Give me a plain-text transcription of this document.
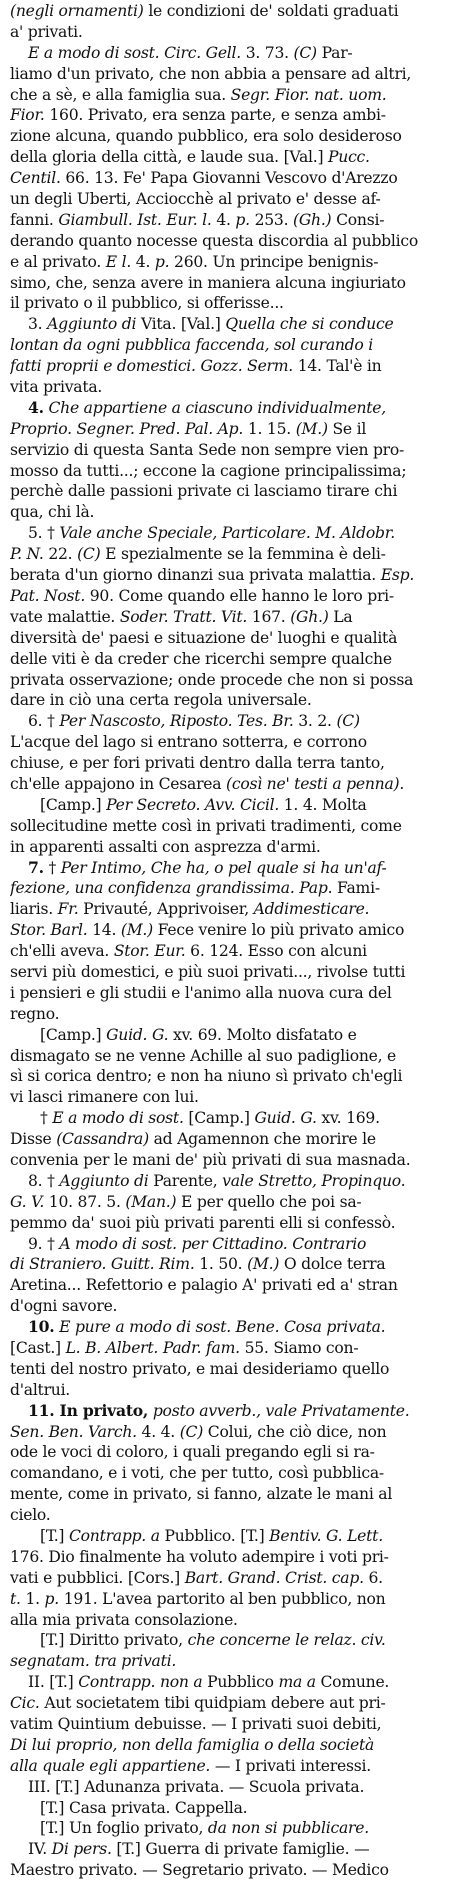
(negli ornamenti) le condizioni de' soldati graduati
a' privati.
E a modo di sost. Circ. Gell. 3. 73. (C) Par-
liamo d'un privato, che non abbia a pensare ad altri,
che a sè, e alla famiglia sua. Segr. Fior. nat. uom.
Fior. 160. Privato, era senza parte, e senza ambi-
zione alcuna, quando pubblico, era solo desideroso
della gloria della città, e laude sua. [Val.] Pucc.
Centil. 66. 13. Fe' Papa Giovanni Vescovo d'Arezzo
un degli Uberti, Acciocchè al privato e' desse af-
fanni. Giambull. Ist. Eur. l. 4. p. 253. (Gh.) Consi-
derando quanto nocesse questa discordia al pubblico
e al privato. E l. 4. p. 260. Un principe benignis-
simo, che, senza avere in maniera alcuna ingiuriato
il privato o il pubblico, si offerisse...
3. Aggiunto di Vita. [Val.] Quella che si conduce
lontan da ogni pubblica faccenda, sol curando i
fatti proprii e domestici. Gozz. Serm. 14. Tal'è in
vita privata.
4. Che appartiene a ciascuno individualmente,
Proprio. Segner. Pred. Pal. Ap. 1. 15. (M.) Se il
servizio di questa Santa Sede non sempre vien pro-
mosso da tutti...; eccone la cagione principalissima;
perchè dalle passioni private ci lasciamo tirare chi
qua, chi là.
5. † Vale anche Speciale, Particolare. M. Aldobr.
P. N. 22. (C) E spezialmente se la femmina è deli-
berata d'un giorno dinanzi sua privata malattia. Esp.
Pat. Nost. 90. Come quando elle hanno le loro pri-
vate malattie. Soder. Tratt. Vit. 167. (Gh.) La
diversità de' paesi e situazione de' luoghi e qualità
delle viti è da creder che ricerchi sempre qualche
privata osservazione; onde procede che non si possa
dare in ciò una certa regola universale.
6. † Per Nascosto, Riposto. Tes. Br. 3. 2. (C)
L'acque del lago si entrano sotterra, e corrono
chiuse, e per fori privati dentro dalla terra tanto,
ch'elle appajono in Cesarea (così ne' testi a penna).
[Camp.] Per Secreto. Avv. Cicil. 1. 4. Molta
sollecitudine mette così in privati tradimenti, come
in apparenti assalti con asprezza d'armi.
7. † Per Intimo, Che ha, o pel quale si ha un'af-
fezione, una confidenza grandissima. Pap. Fami-
liaris. Fr. Privauté, Apprivoiser, Addimesticare.
Stor. Barl. 14. (M.) Fece venire lo più privato amico
ch'elli aveva. Stor. Eur. 6. 124. Esso con alcuni
servi più domestici, e più suoi privati..., rivolse tutti
i pensieri e gli studii e l'animo alla nuova cura del
regno.
[Camp.] Guid. G. xv. 69. Molto disfatato e
dismagato se ne venne Achille al suo padiglione, e
sì si corica dentro; e non ha niuno sì privato ch'egli
vi lasci rimanere con lui.
† E a modo di sost. [Camp.] Guid. G. xv. 169.
Disse (Cassandra) ad Agamennon che morire le
convenia per le mani de' più privati di sua masnada.
8. † Aggiunto di Parente, vale Stretto, Propinquo.
G. V. 10. 87. 5. (Man.) E per quello che poi sa-
pemmo da' suoi più privati parenti elli si confessò.
9. † A modo di sost. per Cittadino. Contrario
di Straniero. Guitt. Rim. 1. 50. (M.) O dolce terra
Aretina... Refettorio e palagio A' privati ed a' stran
d'ogni savore.
10. E pure a modo di sost. Bene. Cosa privata.
[Cast.] L. B. Albert. Padr. fam. 55. Siamo con-
tenti del nostro privato, e mai desideriamo quello
d'altrui.
11. In privato, posto avverb., vale Privatamente.
Sen. Ben. Varch. 4. 4. (C) Colui, che ciò dice, non
ode le voci di coloro, i quali pregando egli si ra-
comandano, e i voti, che per tutto, così pubblica-
mente, come in privato, si fanno, alzate le mani al
cielo.
[T.] Contrapp. a Pubblico. [T.] Bentiv. G. Lett.
176. Dio finalmente ha voluto adempire i voti pri-
vati e pubblici. [Cors.] Bart. Grand. Crist. cap. 6.
t. 1. p. 191. L'avea partorito al ben pubblico, non
alla mia privata consolazione.
[T.] Diritto privato, che concerne le relaz. civ.
segnatam. tra privati.
II. [T.] Contrapp. non a Pubblico ma a Comune.
Cic. Aut societatem tibi quidpiam debere aut pri-
vatim Quintium debuisse. — I privati suoi debiti,
Di lui proprio, non della famiglia o della società
alla quale egli appartiene. — I privati interessi.
III. [T.] Adunanza privata. — Scuola privata.
[T.] Casa privata. Cappella.
[T.] Un foglio privato, da non si pubblicare.
IV. Di pers. [T.] Guerra di private famiglie. —
Maestro privato. — Segretario privato. — Medico
